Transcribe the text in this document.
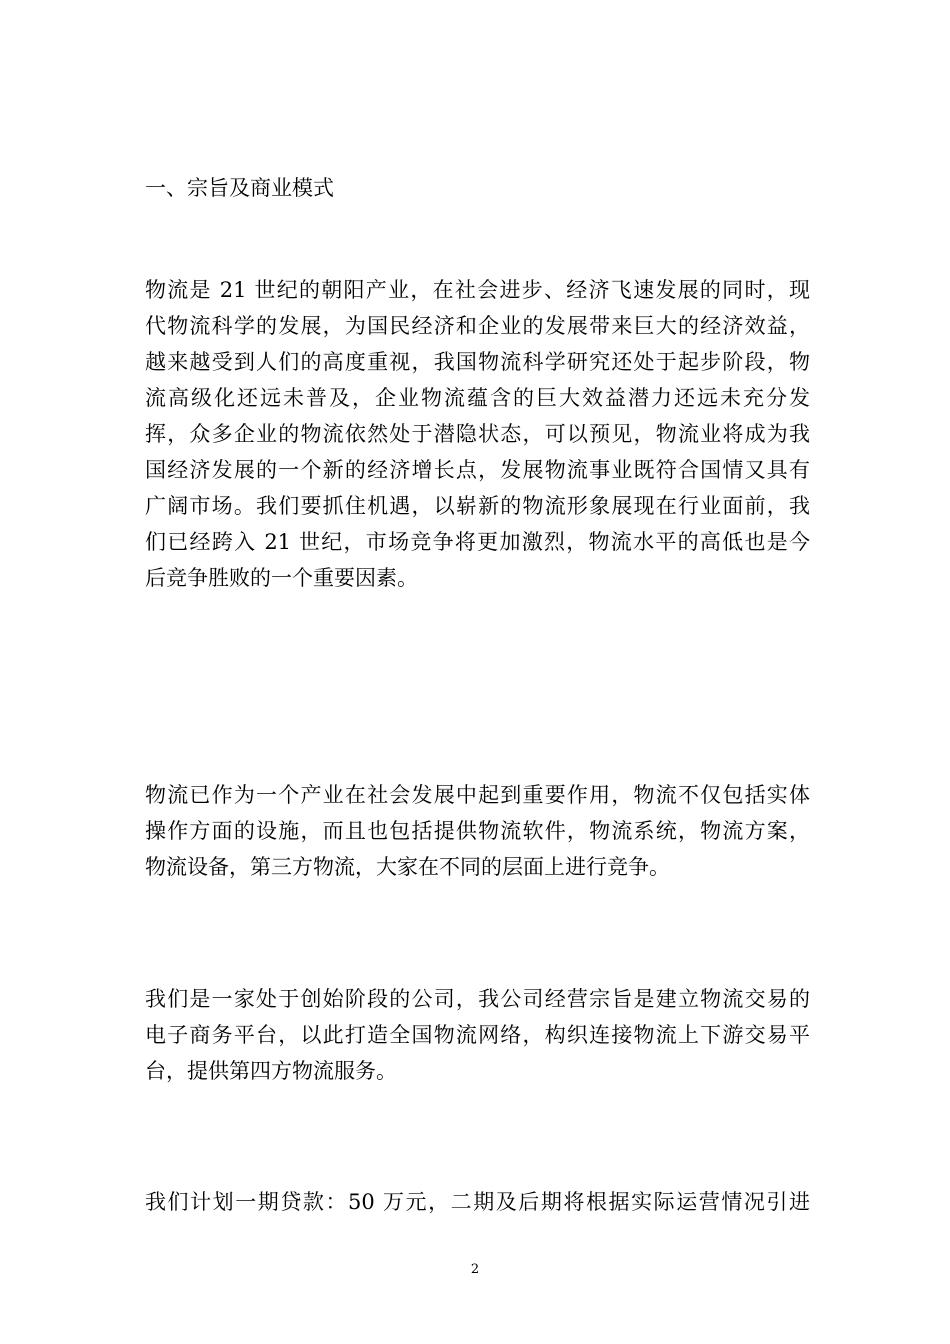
一、宗旨及商业模式
物流是 21 世纪的朝阳产业，在社会进步、经济飞速发展的同时，现
代物流科学的发展，为国民经济和企业的发展带来巨大的经济效益，
越来越受到人们的高度重视，我国物流科学研究还处于起步阶段，物
流高级化还远未普及，企业物流蕴含的巨大效益潜力还远未充分发
挥，众多企业的物流依然处于潜隐状态，可以预见，物流业将成为我
国经济发展的一个新的经济增长点，发展物流事业既符合国情又具有
广阔市场。我们要抓住机遇，以崭新的物流形象展现在行业面前，我
们已经跨入 21 世纪，市场竞争将更加激烈，物流水平的高低也是今
后竞争胜败的一个重要因素。
物流已作为一个产业在社会发展中起到重要作用，物流不仅包括实体
操作方面的设施，而且也包括提供物流软件，物流系统，物流方案，
物流设备，第三方物流，大家在不同的层面上进行竞争。
我们是一家处于创始阶段的公司，我公司经营宗旨是建立物流交易的
电子商务平台，以此打造全国物流网络，构织连接物流上下游交易平
台，提供第四方物流服务。
我们计划一期贷款：50 万元，二期及后期将根据实际运营情况引进
2
